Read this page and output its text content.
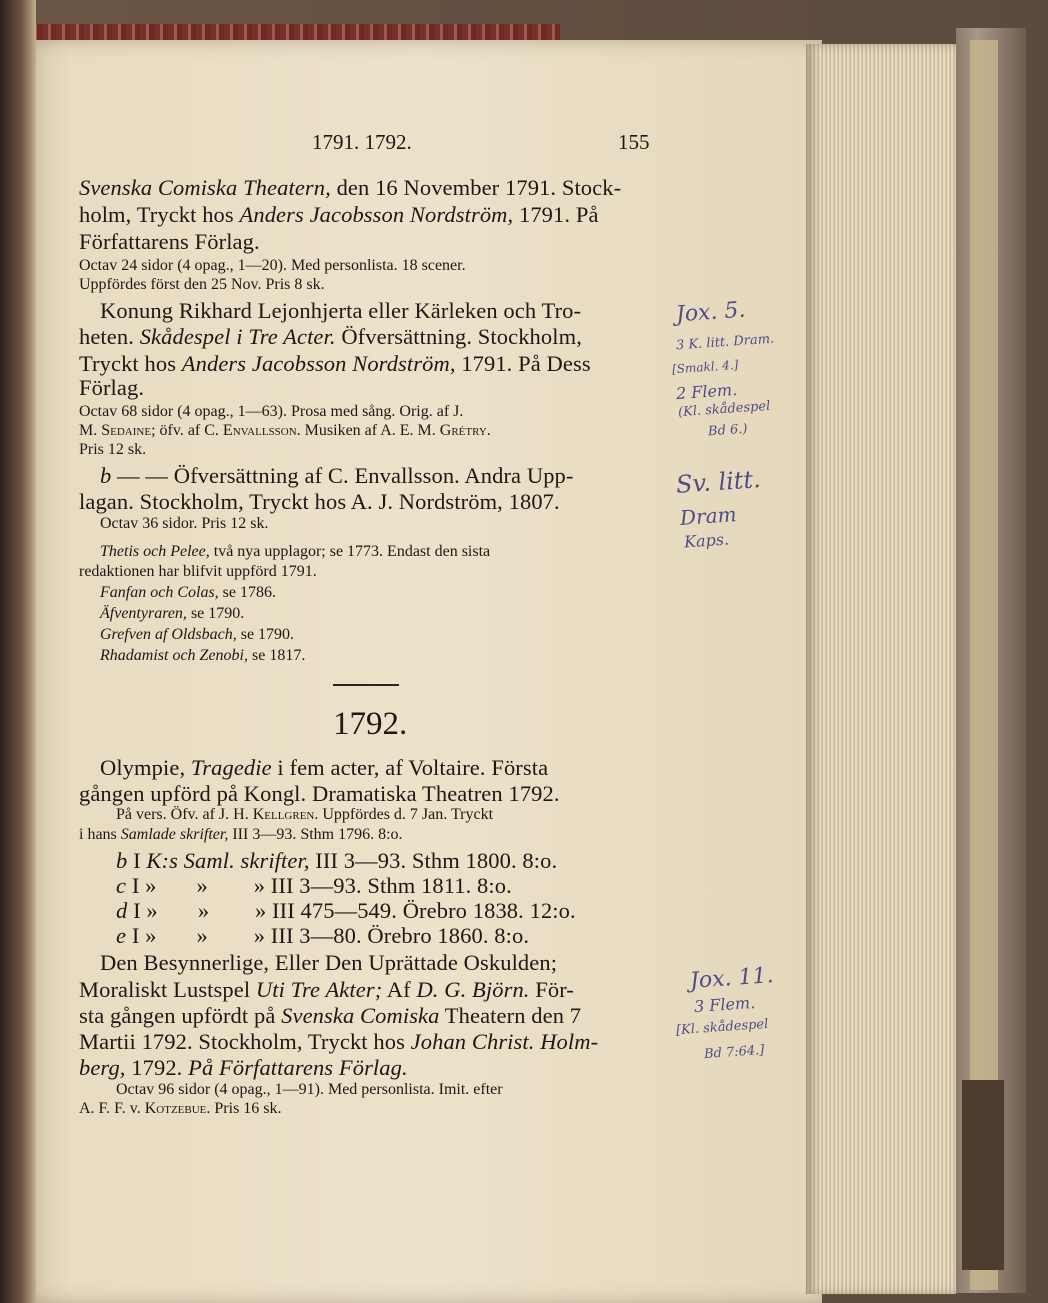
1791. 1792.	155
Svenska Comiska Theatern, den 16 November 1791. Stock-
holm, Tryckt hos Anders Jacobsson Nordström, 1791. På
Författarens Förlag.
Octav 24 sidor (4 opag., 1—20). Med personlista. 18 scener.
Uppfördes först den 25 Nov. Pris 8 sk.
Konung Rikhard Lejonhjerta eller Kärleken och Tro-
heten. Skådespel i Tre Acter. Öfversättning. Stockholm,
Tryckt hos Anders Jacobsson Nordström, 1791. På Dess
Förlag.
Octav 68 sidor (4 opag., 1—63). Prosa med sång. Orig. af J.
M. Sedaine; öfv. af C. Envallsson. Musiken af A. E. M. Grétry.
Pris 12 sk.
b — — Öfversättning af C. Envallsson. Andra Upp-
lagan. Stockholm, Tryckt hos A. J. Nordström, 1807.
Octav 36 sidor. Pris 12 sk.
Thetis och Pelee, två nya upplagor; se 1773. Endast den sista
redaktionen har blifvit uppförd 1791.
Fanfan och Colas, se 1786.
Äfventyraren, se 1790.
Grefven af Oldsbach, se 1790.
Rhadamist och Zenobi, se 1817.
1792.
Olympie, Tragedie i fem acter, af Voltaire. Första
gången upförd på Kongl. Dramatiska Theatren 1792.
På vers. Öfv. af J. H. Kellgren. Uppfördes d. 7 Jan. Tryckt
i hans Samlade skrifter, III 3—93. Sthm 1796. 8:o.
b I K:s Saml. skrifter, III 3—93. Sthm 1800. 8:o.
c I »       »        » III 3—93. Sthm 1811. 8:o.
d I »       »        » III 475—549. Örebro 1838. 12:o.
e I »       »        » III 3—80. Örebro 1860. 8:o.
Den Besynnerlige, Eller Den Uprättade Oskulden;
Moraliskt Lustspel Uti Tre Akter; Af D. G. Björn. För-
sta gången upfördt på Svenska Comiska Theatern den 7
Martii 1792. Stockholm, Tryckt hos Johan Christ. Holm-
berg, 1792. På Författarens Förlag.
Octav 96 sidor (4 opag., 1—91). Med personlista. Imit. efter
A. F. F. v. Kotzebue. Pris 16 sk.
Joх. 5.
3 K. litt. Dram.
[Smakl. 4.]
2 Flem.
(Kl. skådespel
Bd 6.)
Sv. litt.
Dram
Kaps.
Jox. 11.
3 Flem.
[Kl. skådespel
Bd 7:64.]
